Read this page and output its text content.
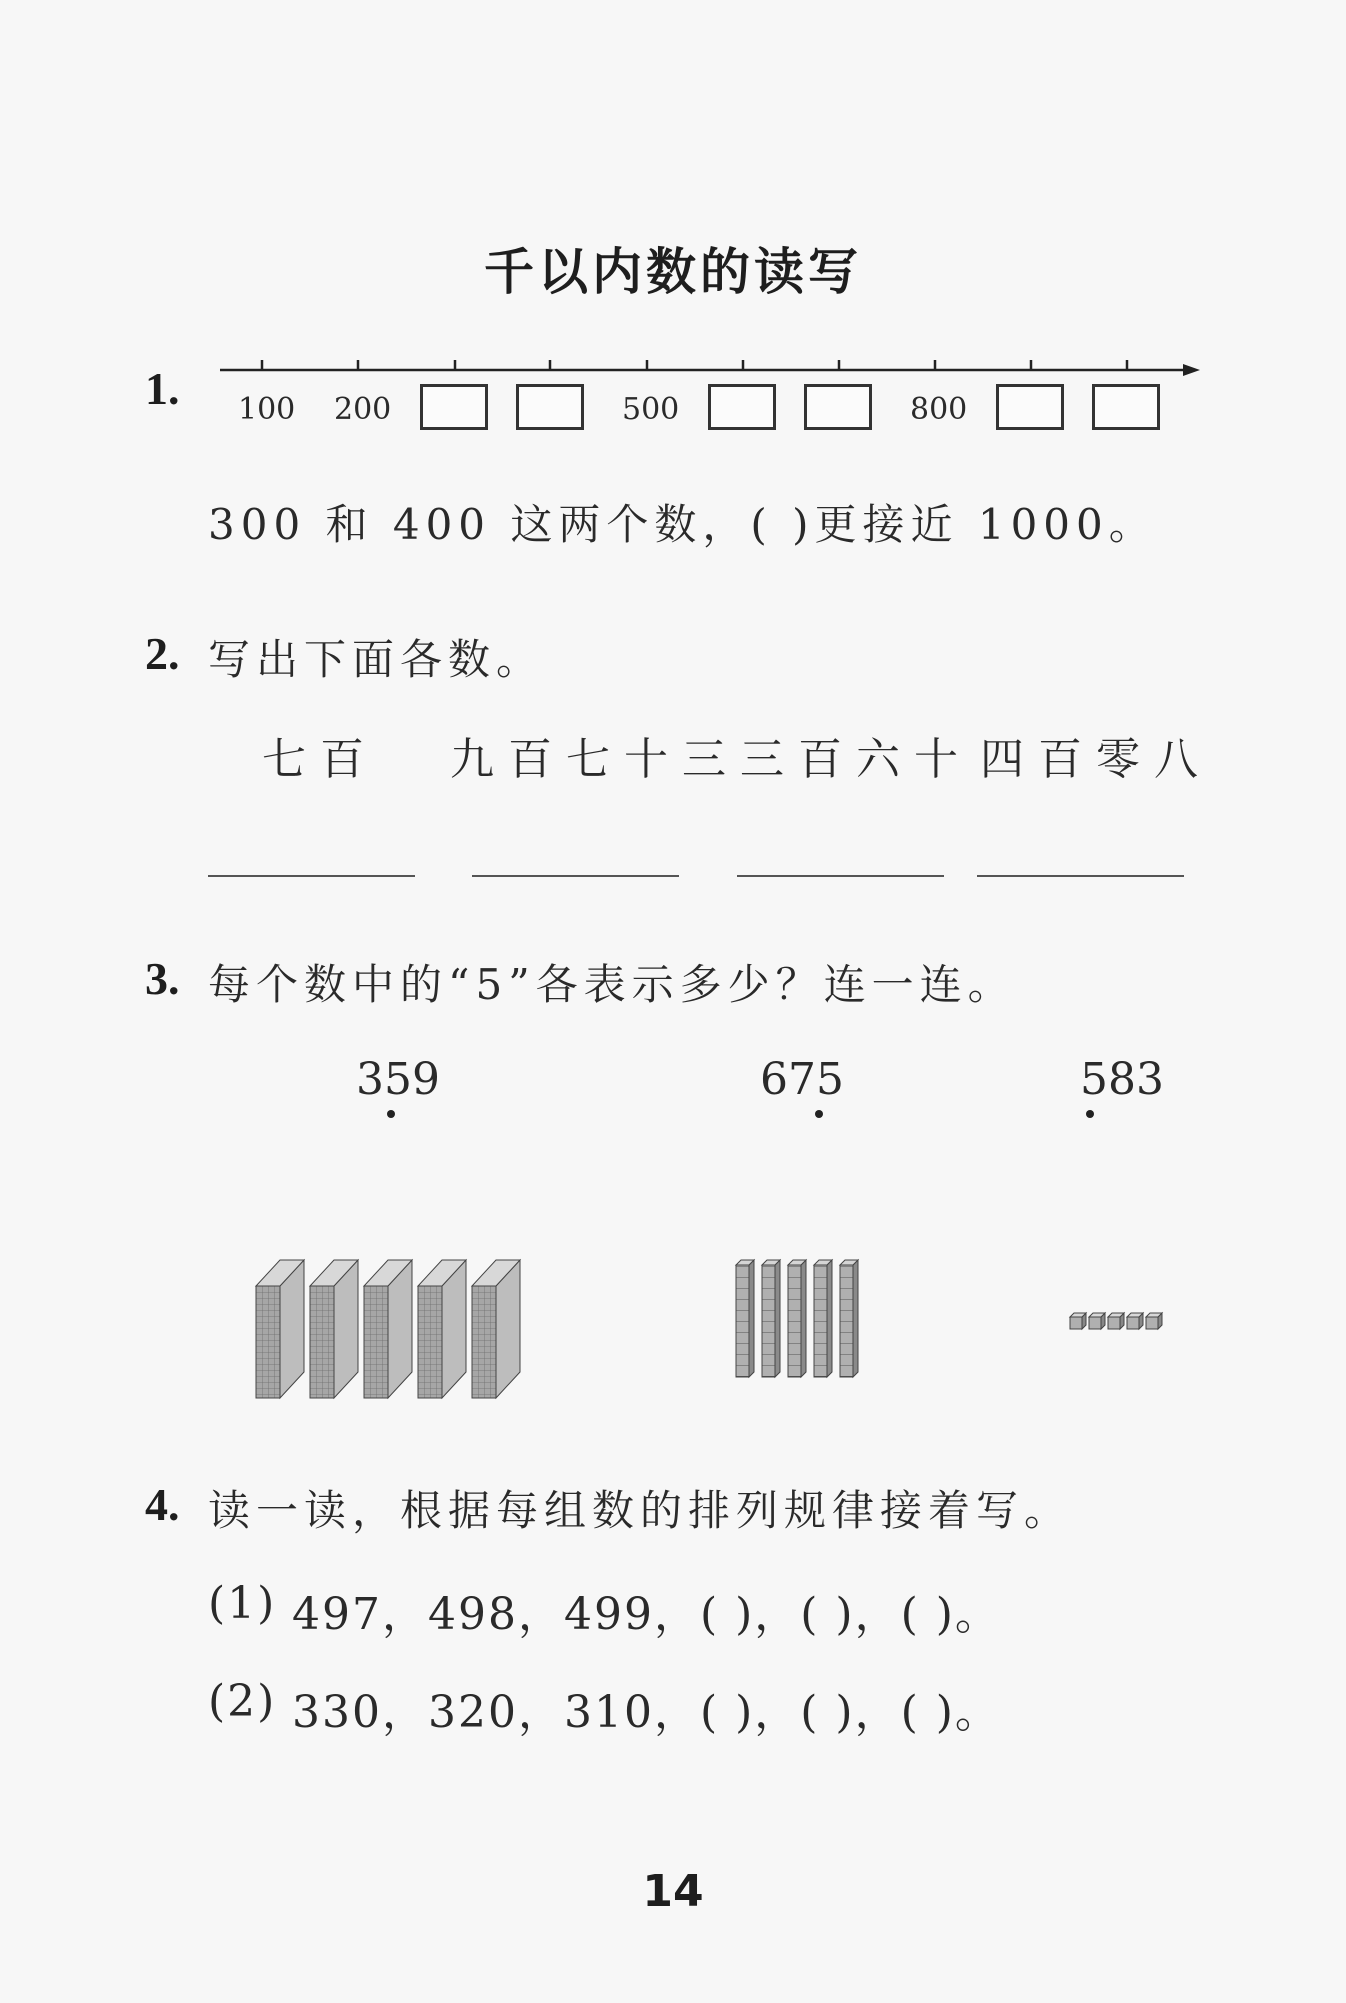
千以内数的读写
1. 100 200	500	800
300 和 400 这两个数，( )更接近 1000。
2. 写出下面各数。
七百 九百七十三 三百六十 四百零八
3. 每个数中的“5”各表示多少？连一连。
359	675	583
4. 读一读，根据每组数的排列规律接着写。
(1) 497，498，499，( )，( )，( )。
(2) 330，320，310，( )，( )，( )。
14
